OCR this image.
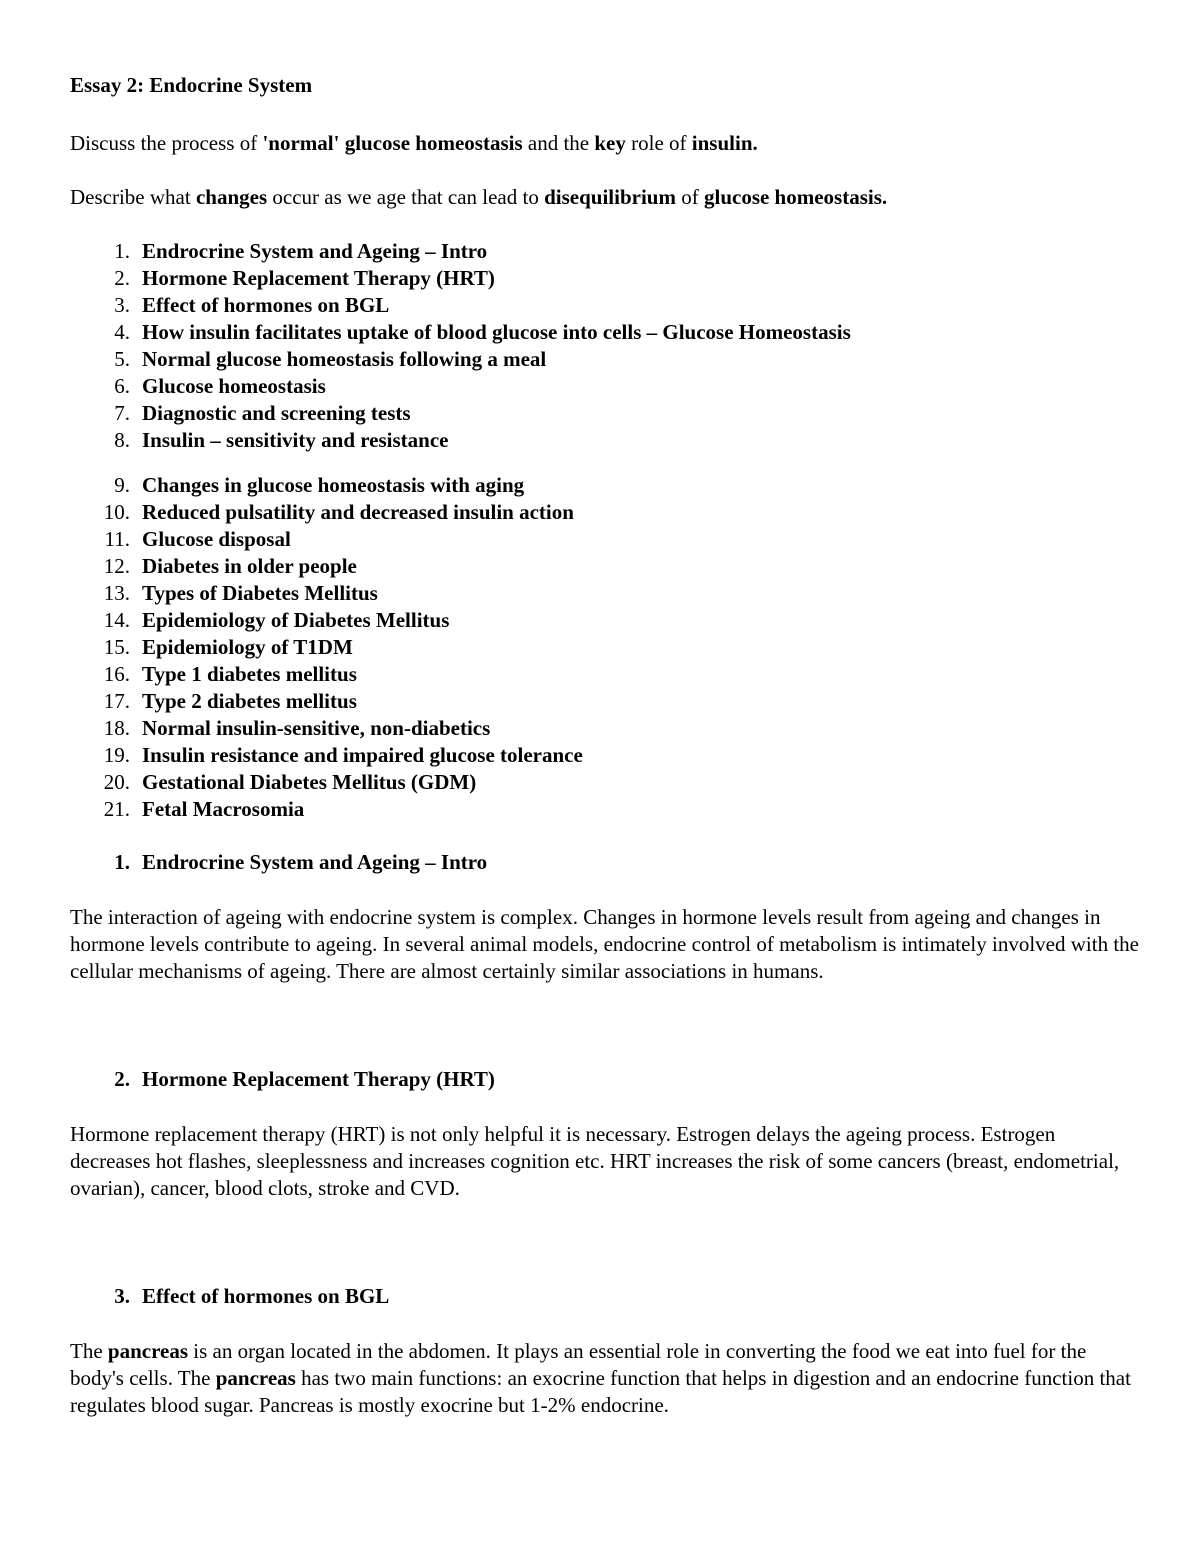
Essay 2: Endocrine System

Discuss the process of 'normal' glucose homeostasis and the key role of insulin.

Describe what changes occur as we age that can lead to disequilibrium of glucose homeostasis.

1. Endrocrine System and Ageing – Intro
2. Hormone Replacement Therapy (HRT)
3. Effect of hormones on BGL
4. How insulin facilitates uptake of blood glucose into cells – Glucose Homeostasis
5. Normal glucose homeostasis following a meal
6. Glucose homeostasis
7. Diagnostic and screening tests
8. Insulin – sensitivity and resistance
9. Changes in glucose homeostasis with aging
10. Reduced pulsatility and decreased insulin action
11. Glucose disposal
12. Diabetes in older people
13. Types of Diabetes Mellitus
14. Epidemiology of Diabetes Mellitus
15. Epidemiology of T1DM
16. Type 1 diabetes mellitus
17. Type 2 diabetes mellitus
18. Normal insulin-sensitive, non-diabetics
19. Insulin resistance and impaired glucose tolerance
20. Gestational Diabetes Mellitus (GDM)
21. Fetal Macrosomia

1. Endrocrine System and Ageing – Intro

The interaction of ageing with endocrine system is complex. Changes in hormone levels result from ageing and changes in hormone levels contribute to ageing. In several animal models, endocrine control of metabolism is intimately involved with the cellular mechanisms of ageing. There are almost certainly similar associations in humans.

2. Hormone Replacement Therapy (HRT)

Hormone replacement therapy (HRT) is not only helpful it is necessary. Estrogen delays the ageing process. Estrogen decreases hot flashes, sleeplessness and increases cognition etc. HRT increases the risk of some cancers (breast, endometrial, ovarian), cancer, blood clots, stroke and CVD.

3. Effect of hormones on BGL

The pancreas is an organ located in the abdomen. It plays an essential role in converting the food we eat into fuel for the body's cells. The pancreas has two main functions: an exocrine function that helps in digestion and an endocrine function that regulates blood sugar. Pancreas is mostly exocrine but 1-2% endocrine.
